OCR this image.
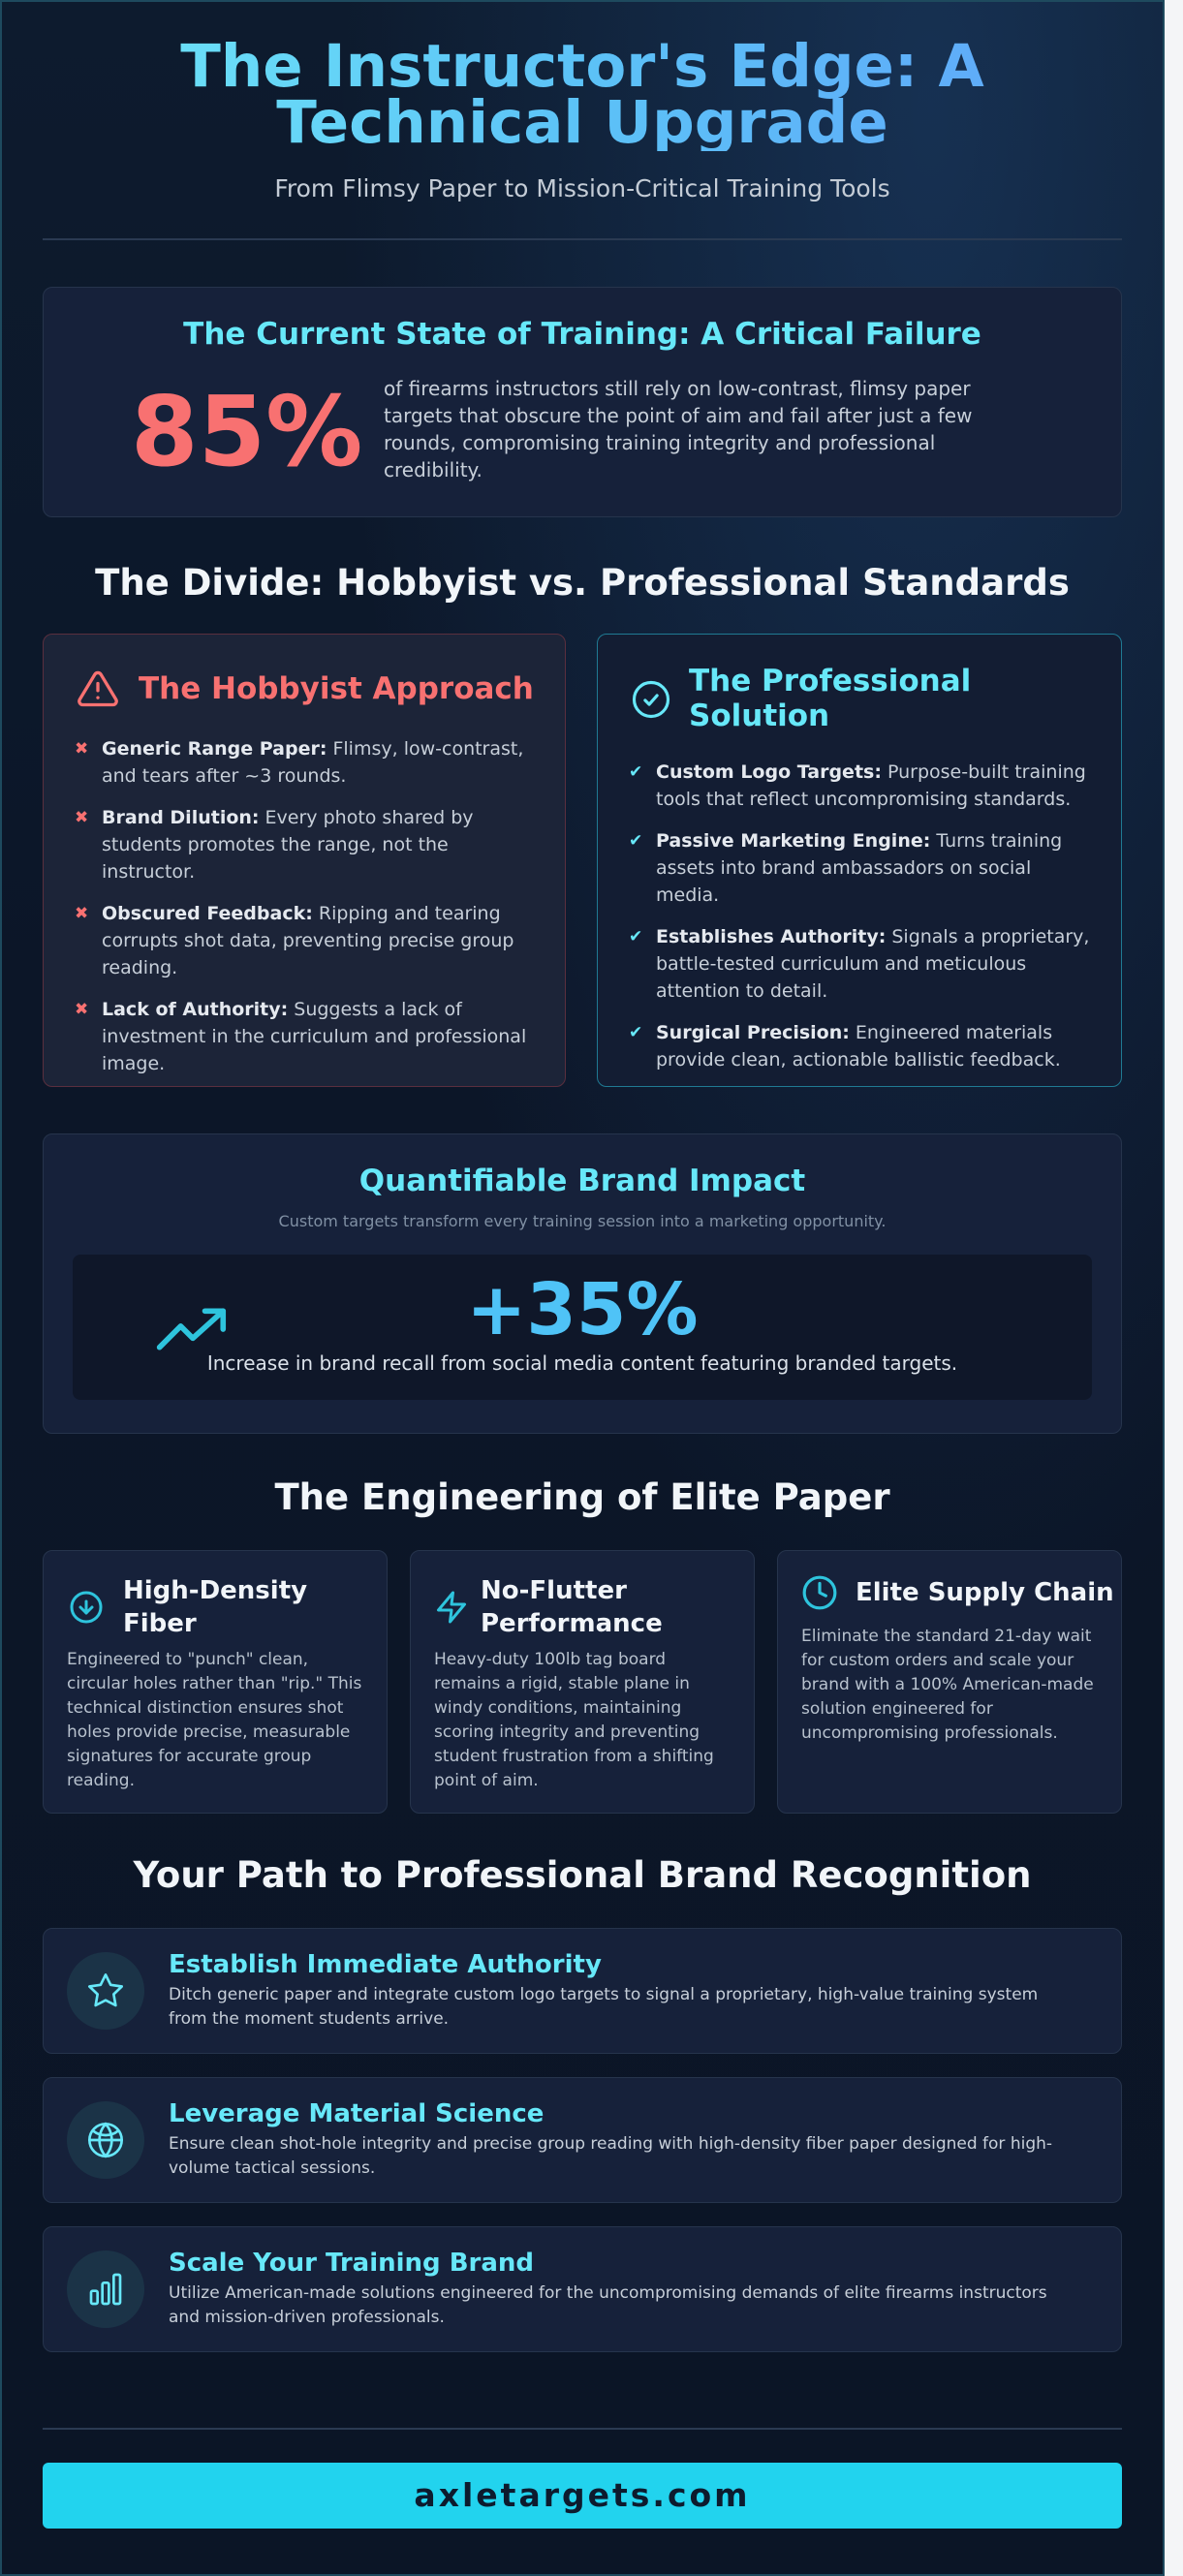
The Instructor's Edge: A Technical Upgrade
From Flimsy Paper to Mission-Critical Training Tools
The Current State of Training: A Critical Failure
85% of firearms instructors still rely on low-contrast, flimsy paper targets that obscure the point of aim and fail after just a few rounds, compromising training integrity and professional credibility.
The Divide: Hobbyist vs. Professional Standards
The Hobbyist Approach
✖ Generic Range Paper: Flimsy, low-contrast, and tears after ~3 rounds.
✖ Brand Dilution: Every photo shared by students promotes the range, not the instructor.
✖ Obscured Feedback: Ripping and tearing corrupts shot data, preventing precise group reading.
✖ Lack of Authority: Suggests a lack of investment in the curriculum and professional image.
The Professional Solution
✔ Custom Logo Targets: Purpose-built training tools that reflect uncompromising standards.
✔ Passive Marketing Engine: Turns training assets into brand ambassadors on social media.
✔ Establishes Authority: Signals a proprietary, battle-tested curriculum and meticulous attention to detail.
✔ Surgical Precision: Engineered materials provide clean, actionable ballistic feedback.
Quantifiable Brand Impact
Custom targets transform every training session into a marketing opportunity.
+35%
Increase in brand recall from social media content featuring branded targets.
The Engineering of Elite Paper
High-Density Fiber
Engineered to "punch" clean, circular holes rather than "rip." This technical distinction ensures shot holes provide precise, measurable signatures for accurate group reading.
No-Flutter Performance
Heavy-duty 100lb tag board remains a rigid, stable plane in windy conditions, maintaining scoring integrity and preventing student frustration from a shifting point of aim.
Elite Supply Chain
Eliminate the standard 21-day wait for custom orders and scale your brand with a 100% American-made solution engineered for uncompromising professionals.
Your Path to Professional Brand Recognition
Establish Immediate Authority
Ditch generic paper and integrate custom logo targets to signal a proprietary, high-value training system from the moment students arrive.
Leverage Material Science
Ensure clean shot-hole integrity and precise group reading with high-density fiber paper designed for high-volume tactical sessions.
Scale Your Training Brand
Utilize American-made solutions engineered for the uncompromising demands of elite firearms instructors and mission-driven professionals.
axletargets.com
